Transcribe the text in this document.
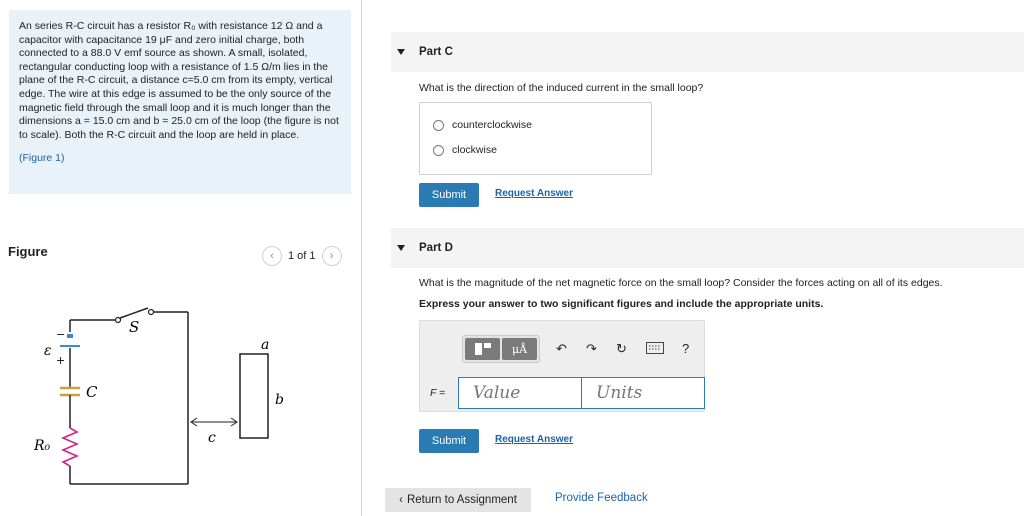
An series R-C circuit has a resistor R₀ with resistance 12 Ω and a capacitor with capacitance 19 μF and zero initial charge, both connected to a 88.0 V emf source as shown. A small, isolated, rectangular conducting loop with a resistance of 1.5 Ω/m lies in the plane of the R-C circuit, a distance c=5.0 cm from its empty, vertical edge. The wire at this edge is assumed to be the only source of the magnetic field through the small loop and it is much longer than the dimensions a = 15.0 cm and b = 25.0 cm of the loop (the figure is not to scale). Both the R-C circuit and the loop are held in place.
(Figure 1)
Figure	‹	1 of 1	›
−
+
ε
S
C
R₀
a
b
c
Part C
What is the direction of the induced current in the small loop?
counterclockwise
clockwise
Submit	Request Answer
Part D
What is the magnitude of the net magnetic force on the small loop? Consider the forces acting on all of its edges.
Express your answer to two significant figures and include the appropriate units.
μÅ	↶ ↷ ↻	?
F =
Value
Units
Submit	Request Answer
‹ Return to Assignment	Provide Feedback
